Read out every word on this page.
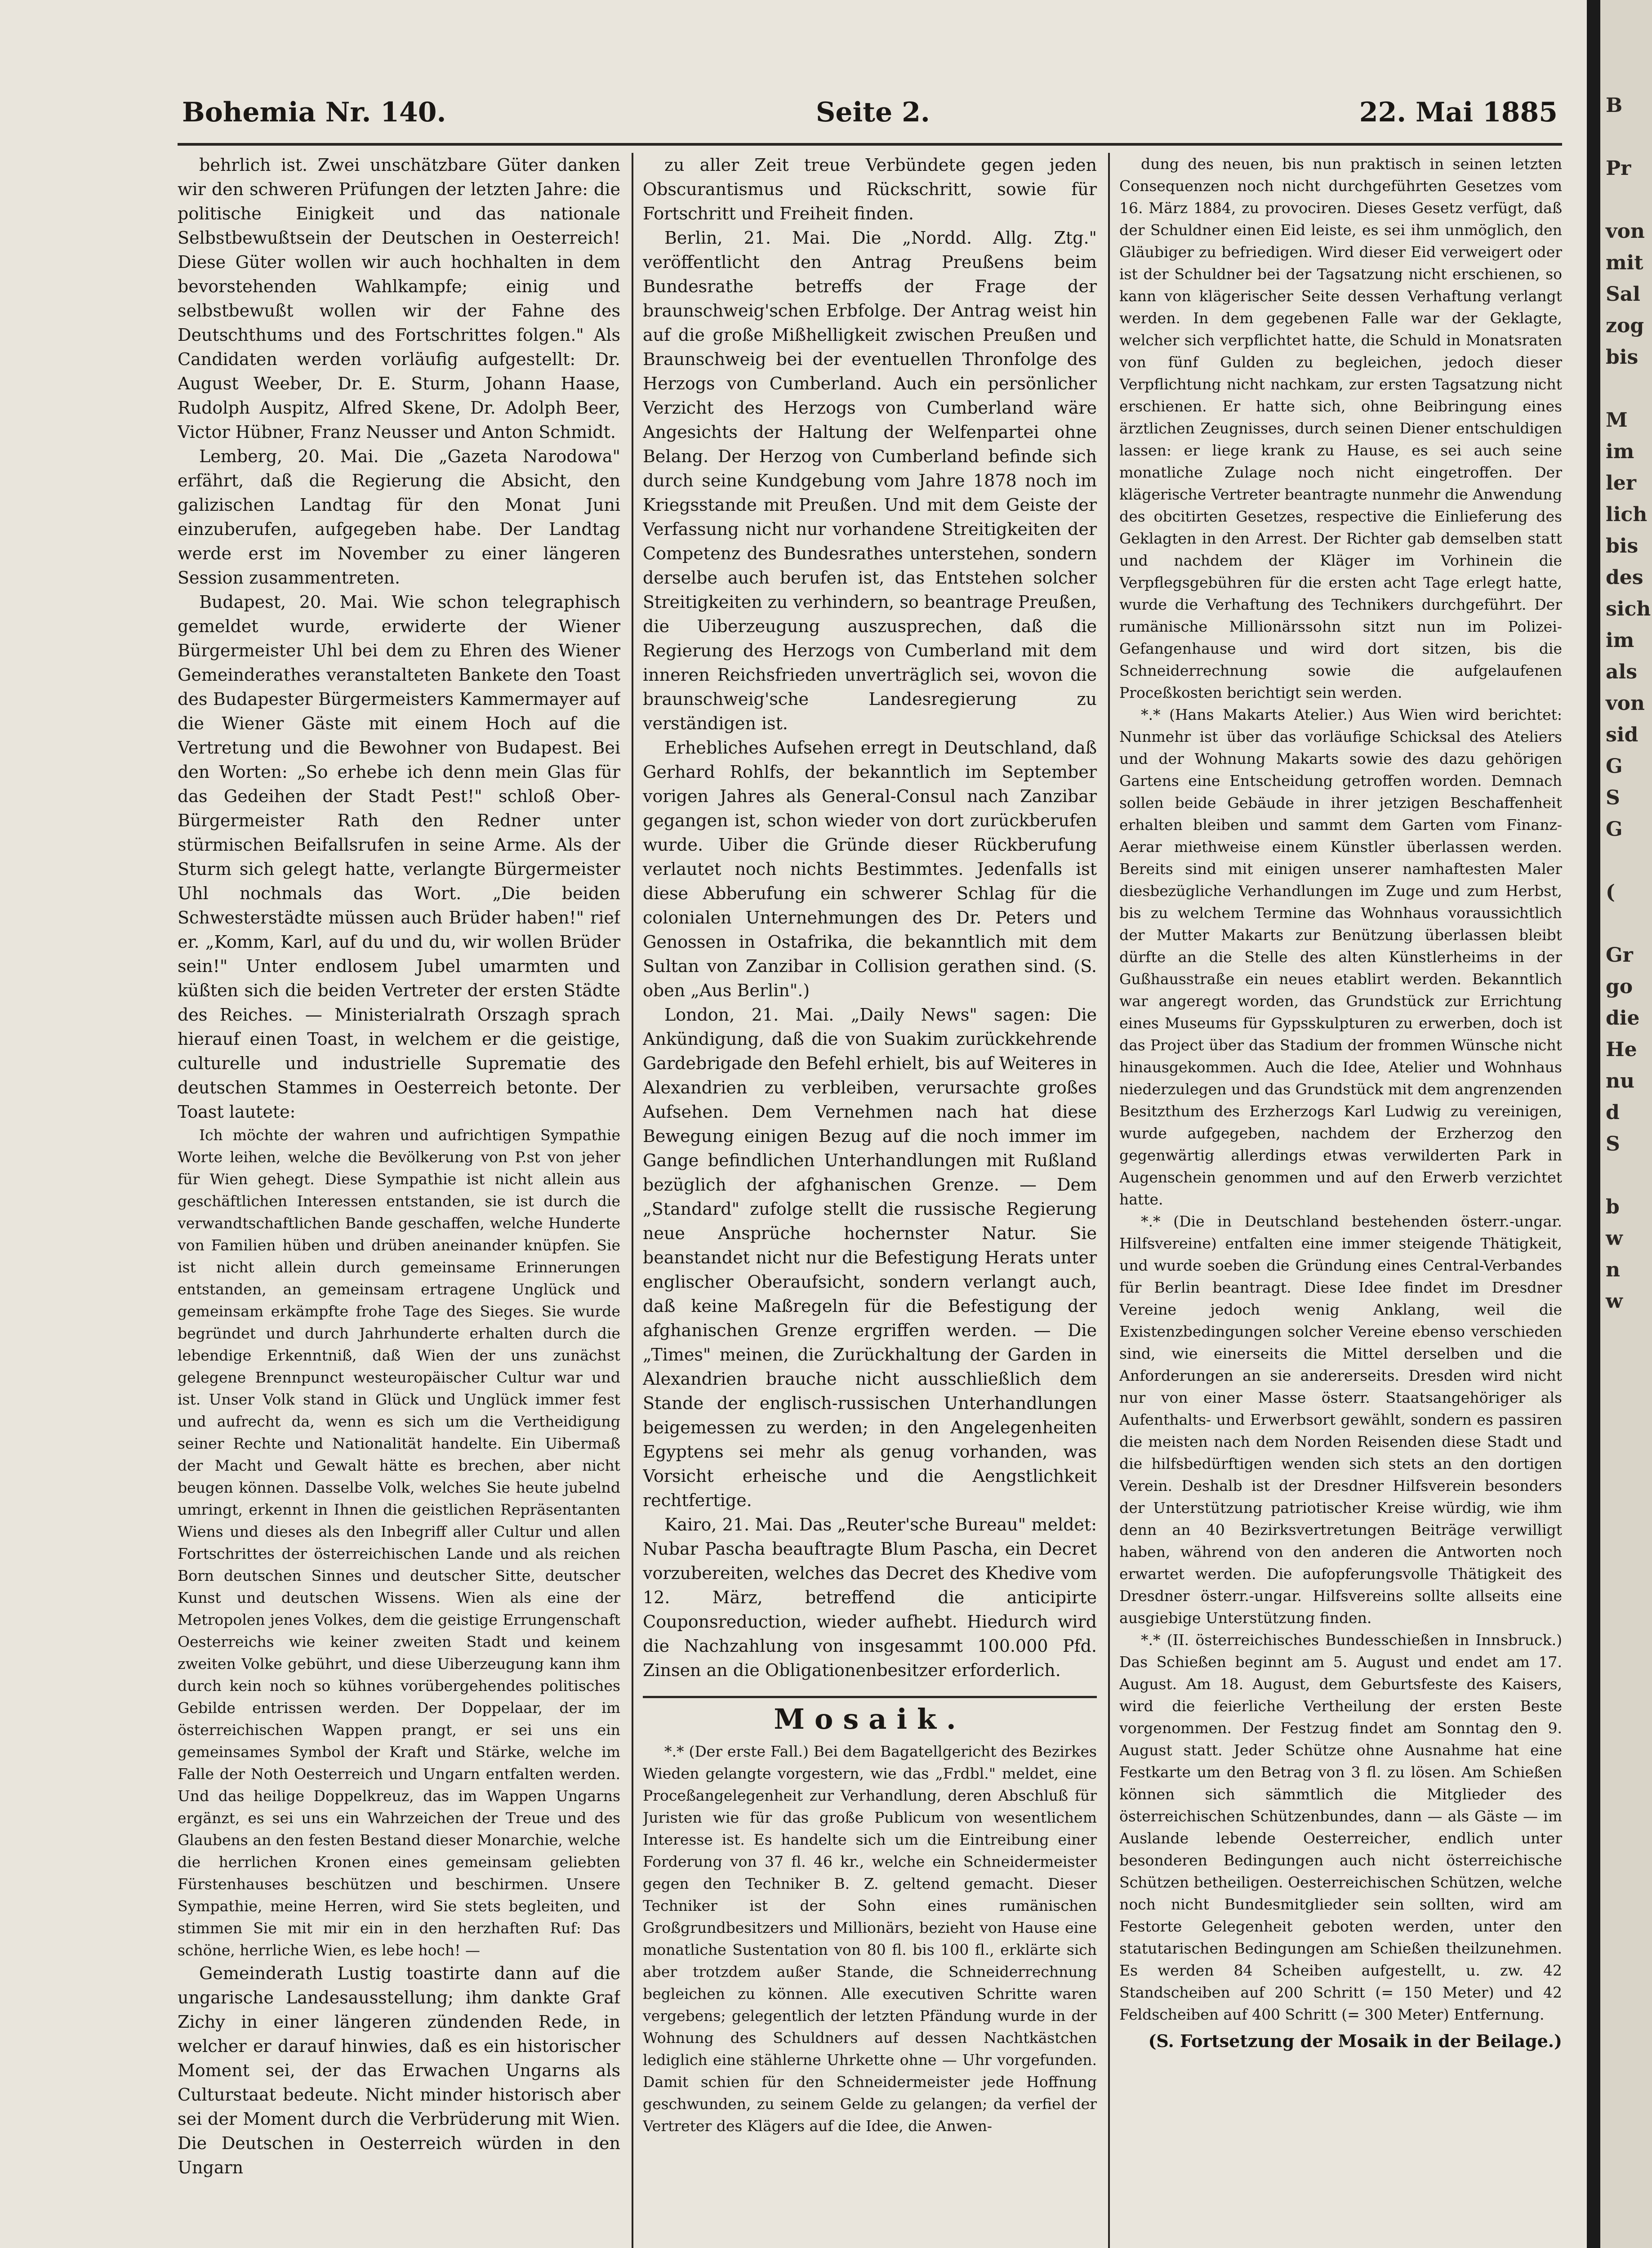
Bohemia Nr. 140.	Seite 2.	22. Mai 1885

behrlich ist. Zwei unschätzbare Güter danken wir den schweren Prüfungen der letzten Jahre: die politische Einigkeit und das nationale Selbstbewußtsein der Deutschen in Oesterreich! Diese Güter wollen wir auch hochhalten in dem bevorstehenden Wahlkampfe; einig und selbstbewußt wollen wir der Fahne des Deutschthums und des Fortschrittes folgen." Als Candidaten werden vorläufig aufgestellt: Dr. August Weeber, Dr. E. Sturm, Johann Haase, Rudolph Auspitz, Alfred Skene, Dr. Adolph Beer, Victor Hübner, Franz Neusser und Anton Schmidt.

Lemberg, 20. Mai. Die „Gazeta Narodowa" erfährt, daß die Regierung die Absicht, den galizischen Landtag für den Monat Juni einzuberufen, aufgegeben habe. Der Landtag werde erst im November zu einer längeren Session zusammentreten.

Budapest, 20. Mai. Wie schon telegraphisch gemeldet wurde, erwiderte der Wiener Bürgermeister Uhl bei dem zu Ehren des Wiener Gemeinderathes veranstalteten Bankete den Toast des Budapester Bürgermeisters Kammermayer auf die Wiener Gäste mit einem Hoch auf die Vertretung und die Bewohner von Budapest. Bei den Worten: „So erhebe ich denn mein Glas für das Gedeihen der Stadt Pest!" schloß Ober-Bürgermeister Rath den Redner unter stürmischen Beifallsrufen in seine Arme. Als der Sturm sich gelegt hatte, verlangte Bürgermeister Uhl nochmals das Wort. „Die beiden Schwesterstädte müssen auch Brüder haben!" rief er. „Komm, Karl, auf du und du, wir wollen Brüder sein!" Unter endlosem Jubel umarmten und küßten sich die beiden Vertreter der ersten Städte des Reiches. — Ministerialrath Orszagh sprach hierauf einen Toast, in welchem er die geistige, culturelle und industrielle Suprematie des deutschen Stammes in Oesterreich betonte. Der Toast lautete:

Ich möchte der wahren und aufrichtigen Sympathie Worte leihen, welche die Bevölkerung von P.st von jeher für Wien gehegt. Diese Sympathie ist nicht allein aus geschäftlichen Interessen entstanden, sie ist durch die verwandtschaftlichen Bande geschaffen, welche Hunderte von Familien hüben und drüben aneinander knüpfen. Sie ist nicht allein durch gemeinsame Erinnerungen entstanden, an gemeinsam ertragene Unglück und gemeinsam erkämpfte frohe Tage des Sieges. Sie wurde begründet und durch Jahrhunderte erhalten durch die lebendige Erkenntniß, daß Wien der uns zunächst gelegene Brennpunct westeuropäischer Cultur war und ist. Unser Volk stand in Glück und Unglück immer fest und aufrecht da, wenn es sich um die Vertheidigung seiner Rechte und Nationalität handelte. Ein Uibermaß der Macht und Gewalt hätte es brechen, aber nicht beugen können. Dasselbe Volk, welches Sie heute jubelnd umringt, erkennt in Ihnen die geistlichen Repräsentanten Wiens und dieses als den Inbegriff aller Cultur und allen Fortschrittes der österreichischen Lande und als reichen Born deutschen Sinnes und deutscher Sitte, deutscher Kunst und deutschen Wissens. Wien als eine der Metropolen jenes Volkes, dem die geistige Errungenschaft Oesterreichs wie keiner zweiten Stadt und keinem zweiten Volke gebührt, und diese Uiberzeugung kann ihm durch kein noch so kühnes vorübergehendes politisches Gebilde entrissen werden. Der Doppelaar, der im österreichischen Wappen prangt, er sei uns ein gemeinsames Symbol der Kraft und Stärke, welche im Falle der Noth Oesterreich und Ungarn entfalten werden. Und das heilige Doppelkreuz, das im Wappen Ungarns ergänzt, es sei uns ein Wahrzeichen der Treue und des Glaubens an den festen Bestand dieser Monarchie, welche die herrlichen Kronen eines gemeinsam geliebten Fürstenhauses beschützen und beschirmen. Unsere Sympathie, meine Herren, wird Sie stets begleiten, und stimmen Sie mit mir ein in den herzhaften Ruf: Das schöne, herrliche Wien, es lebe hoch! —

Gemeinderath Lustig toastirte dann auf die ungarische Landesausstellung; ihm dankte Graf Zichy in einer längeren zündenden Rede, in welcher er darauf hinwies, daß es ein historischer Moment sei, der das Erwachen Ungarns als Culturstaat bedeute. Nicht minder historisch aber sei der Moment durch die Verbrüderung mit Wien. Die Deutschen in Oesterreich würden in den Ungarn

zu aller Zeit treue Verbündete gegen jeden Obscurantismus und Rückschritt, sowie für Fortschritt und Freiheit finden.

Berlin, 21. Mai. Die „Nordd. Allg. Ztg." veröffentlicht den Antrag Preußens beim Bundesrathe betreffs der Frage der braunschweig'schen Erbfolge. Der Antrag weist hin auf die große Mißhelligkeit zwischen Preußen und Braunschweig bei der eventuellen Thronfolge des Herzogs von Cumberland. Auch ein persönlicher Verzicht des Herzogs von Cumberland wäre Angesichts der Haltung der Welfenpartei ohne Belang. Der Herzog von Cumberland befinde sich durch seine Kundgebung vom Jahre 1878 noch im Kriegsstande mit Preußen. Und mit dem Geiste der Verfassung nicht nur vorhandene Streitigkeiten der Competenz des Bundesrathes unterstehen, sondern derselbe auch berufen ist, das Entstehen solcher Streitigkeiten zu verhindern, so beantrage Preußen, die Uiberzeugung auszusprechen, daß die Regierung des Herzogs von Cumberland mit dem inneren Reichsfrieden unverträglich sei, wovon die braunschweig'sche Landesregierung zu verständigen ist.

Erhebliches Aufsehen erregt in Deutschland, daß Gerhard Rohlfs, der bekanntlich im September vorigen Jahres als General-Consul nach Zanzibar gegangen ist, schon wieder von dort zurückberufen wurde. Uiber die Gründe dieser Rückberufung verlautet noch nichts Bestimmtes. Jedenfalls ist diese Abberufung ein schwerer Schlag für die colonialen Unternehmungen des Dr. Peters und Genossen in Ostafrika, die bekanntlich mit dem Sultan von Zanzibar in Collision gerathen sind. (S. oben „Aus Berlin".)

London, 21. Mai. „Daily News" sagen: Die Ankündigung, daß die von Suakim zurückkehrende Gardebrigade den Befehl erhielt, bis auf Weiteres in Alexandrien zu verbleiben, verursachte großes Aufsehen. Dem Vernehmen nach hat diese Bewegung einigen Bezug auf die noch immer im Gange befindlichen Unterhandlungen mit Rußland bezüglich der afghanischen Grenze. — Dem „Standard" zufolge stellt die russische Regierung neue Ansprüche hochernster Natur. Sie beanstandet nicht nur die Befestigung Herats unter englischer Oberaufsicht, sondern verlangt auch, daß keine Maßregeln für die Befestigung der afghanischen Grenze ergriffen werden. — Die „Times" meinen, die Zurückhaltung der Garden in Alexandrien brauche nicht ausschließlich dem Stande der englisch-russischen Unterhandlungen beigemessen zu werden; in den Angelegenheiten Egyptens sei mehr als genug vorhanden, was Vorsicht erheische und die Aengstlichkeit rechtfertige.

Kairo, 21. Mai. Das „Reuter'sche Bureau" meldet: Nubar Pascha beauftragte Blum Pascha, ein Decret vorzubereiten, welches das Decret des Khedive vom 12. März, betreffend die anticipirte Couponsreduction, wieder aufhebt. Hiedurch wird die Nachzahlung von insgesammt 100.000 Pfd. Zinsen an die Obligationenbesitzer erforderlich.

Mosaik.

*.* (Der erste Fall.) Bei dem Bagatellgericht des Bezirkes Wieden gelangte vorgestern, wie das „Frdbl." meldet, eine Proceßangelegenheit zur Verhandlung, deren Abschluß für Juristen wie für das große Publicum von wesentlichem Interesse ist. Es handelte sich um die Eintreibung einer Forderung von 37 fl. 46 kr., welche ein Schneidermeister gegen den Techniker B. Z. geltend gemacht. Dieser Techniker ist der Sohn eines rumänischen Großgrundbesitzers und Millionärs, bezieht von Hause eine monatliche Sustentation von 80 fl. bis 100 fl., erklärte sich aber trotzdem außer Stande, die Schneiderrechnung begleichen zu können. Alle executiven Schritte waren vergebens; gelegentlich der letzten Pfändung wurde in der Wohnung des Schuldners auf dessen Nachtkästchen lediglich eine stählerne Uhrkette ohne — Uhr vorgefunden. Damit schien für den Schneidermeister jede Hoffnung geschwunden, zu seinem Gelde zu gelangen; da verfiel der Vertreter des Klägers auf die Idee, die Anwen-

dung des neuen, bis nun praktisch in seinen letzten Consequenzen noch nicht durchgeführten Gesetzes vom 16. März 1884, zu provociren. Dieses Gesetz verfügt, daß der Schuldner einen Eid leiste, es sei ihm unmöglich, den Gläubiger zu befriedigen. Wird dieser Eid verweigert oder ist der Schuldner bei der Tagsatzung nicht erschienen, so kann von klägerischer Seite dessen Verhaftung verlangt werden. In dem gegebenen Falle war der Geklagte, welcher sich verpflichtet hatte, die Schuld in Monatsraten von fünf Gulden zu begleichen, jedoch dieser Verpflichtung nicht nachkam, zur ersten Tagsatzung nicht erschienen. Er hatte sich, ohne Beibringung eines ärztlichen Zeugnisses, durch seinen Diener entschuldigen lassen: er liege krank zu Hause, es sei auch seine monatliche Zulage noch nicht eingetroffen. Der klägerische Vertreter beantragte nunmehr die Anwendung des obcitirten Gesetzes, respective die Einlieferung des Geklagten in den Arrest. Der Richter gab demselben statt und nachdem der Kläger im Vorhinein die Verpflegsgebühren für die ersten acht Tage erlegt hatte, wurde die Verhaftung des Technikers durchgeführt. Der rumänische Millionärssohn sitzt nun im Polizei-Gefangenhause und wird dort sitzen, bis die Schneiderrechnung sowie die aufgelaufenen Proceßkosten berichtigt sein werden.

*.* (Hans Makarts Atelier.) Aus Wien wird berichtet: Nunmehr ist über das vorläufige Schicksal des Ateliers und der Wohnung Makarts sowie des dazu gehörigen Gartens eine Entscheidung getroffen worden. Demnach sollen beide Gebäude in ihrer jetzigen Beschaffenheit erhalten bleiben und sammt dem Garten vom Finanz-Aerar miethweise einem Künstler überlassen werden. Bereits sind mit einigen unserer namhaftesten Maler diesbezügliche Verhandlungen im Zuge und zum Herbst, bis zu welchem Termine das Wohnhaus voraussichtlich der Mutter Makarts zur Benützung überlassen bleibt dürfte an die Stelle des alten Künstlerheims in der Gußhausstraße ein neues etablirt werden. Bekanntlich war angeregt worden, das Grundstück zur Errichtung eines Museums für Gypsskulpturen zu erwerben, doch ist das Project über das Stadium der frommen Wünsche nicht hinausgekommen. Auch die Idee, Atelier und Wohnhaus niederzulegen und das Grundstück mit dem angrenzenden Besitzthum des Erzherzogs Karl Ludwig zu vereinigen, wurde aufgegeben, nachdem der Erzherzog den gegenwärtig allerdings etwas verwilderten Park in Augenschein genommen und auf den Erwerb verzichtet hatte.

*.* (Die in Deutschland bestehenden österr.-ungar. Hilfsvereine) entfalten eine immer steigende Thätigkeit, und wurde soeben die Gründung eines Central-Verbandes für Berlin beantragt. Diese Idee findet im Dresdner Vereine jedoch wenig Anklang, weil die Existenzbedingungen solcher Vereine ebenso verschieden sind, wie einerseits die Mittel derselben und die Anforderungen an sie andererseits. Dresden wird nicht nur von einer Masse österr. Staatsangehöriger als Aufenthalts- und Erwerbsort gewählt, sondern es passiren die meisten nach dem Norden Reisenden diese Stadt und die hilfsbedürftigen wenden sich stets an den dortigen Verein. Deshalb ist der Dresdner Hilfsverein besonders der Unterstützung patriotischer Kreise würdig, wie ihm denn an 40 Bezirksvertretungen Beiträge verwilligt haben, während von den anderen die Antworten noch erwartet werden. Die aufopferungsvolle Thätigkeit des Dresdner österr.-ungar. Hilfsvereins sollte allseits eine ausgiebige Unterstützung finden.

*.* (II. österreichisches Bundesschießen in Innsbruck.) Das Schießen beginnt am 5. August und endet am 17. August. Am 18. August, dem Geburtsfeste des Kaisers, wird die feierliche Vertheilung der ersten Beste vorgenommen. Der Festzug findet am Sonntag den 9. August statt. Jeder Schütze ohne Ausnahme hat eine Festkarte um den Betrag von 3 fl. zu lösen. Am Schießen können sich sämmtlich die Mitglieder des österreichischen Schützenbundes, dann — als Gäste — im Auslande lebende Oesterreicher, endlich unter besonderen Bedingungen auch nicht österreichische Schützen betheiligen. Oesterreichischen Schützen, welche noch nicht Bundesmitglieder sein sollten, wird am Festorte Gelegenheit geboten werden, unter den statutarischen Bedingungen am Schießen theilzunehmen. Es werden 84 Scheiben aufgestellt, u. zw. 42 Standscheiben auf 200 Schritt (= 150 Meter) und 42 Feldscheiben auf 400 Schritt (= 300 Meter) Entfernung.

(S. Fortsetzung der Mosaik in der Beilage.)
B

Pr

von
mit
Sal
zog
bis

M
im
ler
lich
bis
des
sich
im
als
von
sid
G
S
G

(

Gr
go
die
He
nu
d
S

b
w
n
w
